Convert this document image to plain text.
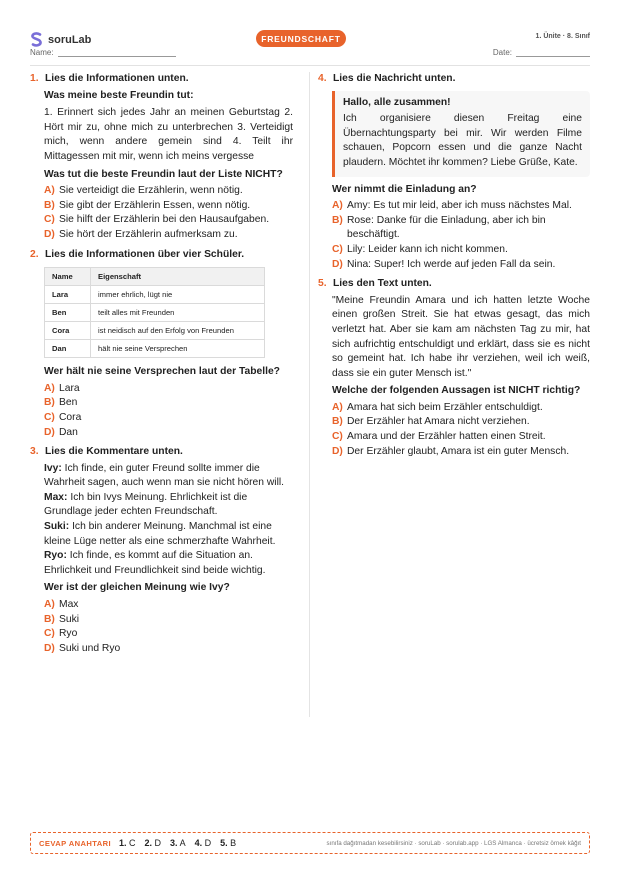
soruLab	FREUNDSCHAFT	1. Ünite · 8. Sınıf
Name:	Date:
1. Lies die Informationen unten.
Was meine beste Freundin tut:
1. Erinnert sich jedes Jahr an meinen Geburtstag 2. Hört mir zu, ohne mich zu unterbrechen 3. Verteidigt mich, wenn andere gemein sind 4. Teilt ihr Mittagessen mit mir, wenn ich meins vergesse
Was tut die beste Freundin laut der Liste NICHT?
A) Sie verteidigt die Erzählerin, wenn nötig.
B) Sie gibt der Erzählerin Essen, wenn nötig.
C) Sie hilft der Erzählerin bei den Hausaufgaben.
D) Sie hört der Erzählerin aufmerksam zu.
2. Lies die Informationen über vier Schüler.
Name	Eigenschaft
Lara	immer ehrlich, lügt nie
Ben	teilt alles mit Freunden
Cora	ist neidisch auf den Erfolg von Freunden
Dan	hält nie seine Versprechen
Wer hält nie seine Versprechen laut der Tabelle?
A) Lara
B) Ben
C) Cora
D) Dan
3. Lies die Kommentare unten.
Ivy: Ich finde, ein guter Freund sollte immer die Wahrheit sagen, auch wenn man sie nicht hören will.
Max: Ich bin Ivys Meinung. Ehrlichkeit ist die Grundlage jeder echten Freundschaft.
Suki: Ich bin anderer Meinung. Manchmal ist eine kleine Lüge netter als eine schmerzhafte Wahrheit.
Ryo: Ich finde, es kommt auf die Situation an. Ehrlichkeit und Freundlichkeit sind beide wichtig.
Wer ist der gleichen Meinung wie Ivy?
A) Max
B) Suki
C) Ryo
D) Suki und Ryo
4. Lies die Nachricht unten.
Hallo, alle zusammen!
Ich organisiere diesen Freitag eine Übernachtungsparty bei mir. Wir werden Filme schauen, Popcorn essen und die ganze Nacht plaudern. Möchtet ihr kommen? Liebe Grüße, Kate.
Wer nimmt die Einladung an?
A) Amy: Es tut mir leid, aber ich muss nächstes Mal.
B) Rose: Danke für die Einladung, aber ich bin beschäftigt.
C) Lily: Leider kann ich nicht kommen.
D) Nina: Super! Ich werde auf jeden Fall da sein.
5. Lies den Text unten.
"Meine Freundin Amara und ich hatten letzte Woche einen großen Streit. Sie hat etwas gesagt, das mich verletzt hat. Aber sie kam am nächsten Tag zu mir, hat sich aufrichtig entschuldigt und erklärt, dass sie es nicht so gemeint hat. Ich habe ihr verziehen, weil ich weiß, dass sie ein guter Mensch ist."
Welche der folgenden Aussagen ist NICHT richtig?
A) Amara hat sich beim Erzähler entschuldigt.
B) Der Erzähler hat Amara nicht verziehen.
C) Amara und der Erzähler hatten einen Streit.
D) Der Erzähler glaubt, Amara ist ein guter Mensch.
CEVAP ANAHTARI 1. C 2. D 3. A 4. D 5. B	sınıfa dağıtmadan kesebilirsiniz · soruLab · sorulab.app · LGS Almanca · ücretsiz örnek kâğıt
